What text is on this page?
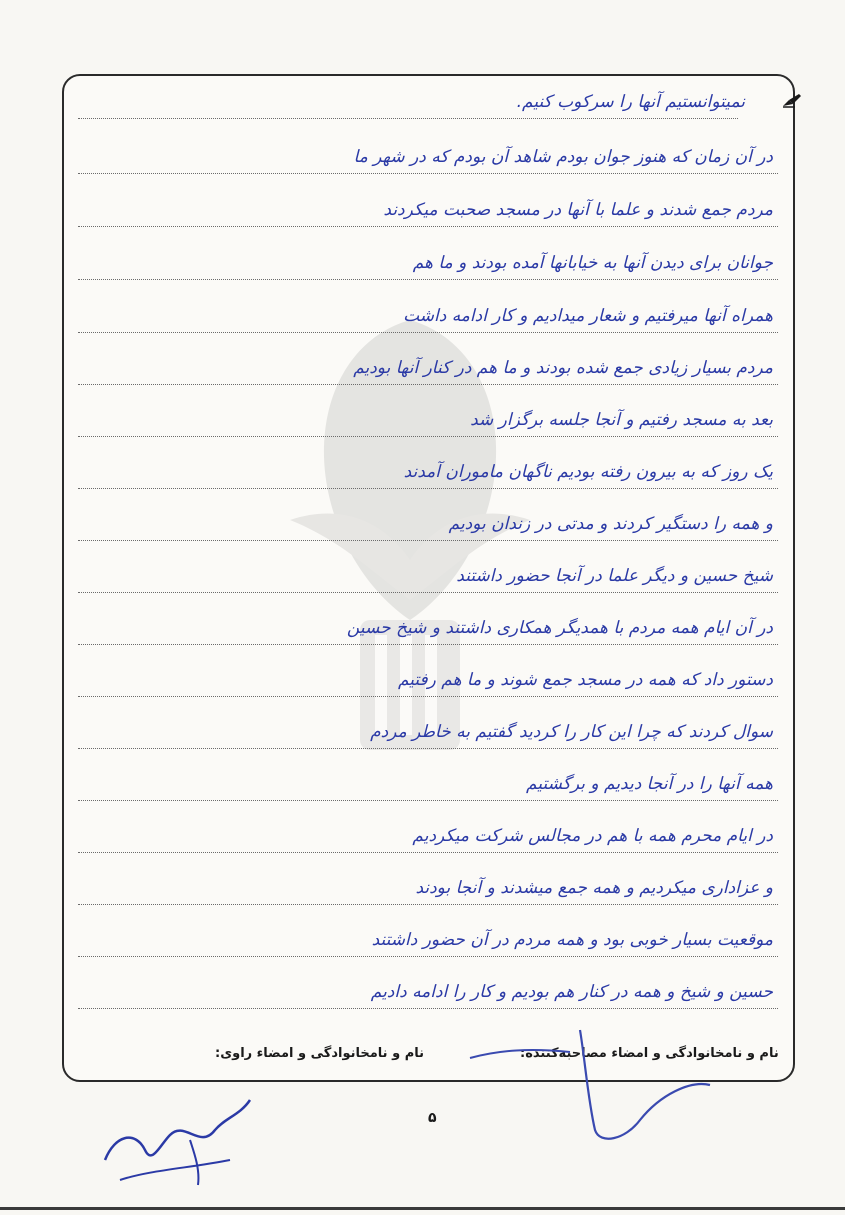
نمیتوانستیم آنها را سرکوب کنیم.
در آن زمان که هنوز جوان بودم شاهد آن بودم که در شهر ما
مردم جمع شدند و علما با آنها در مسجد صحبت میکردند
جوانان برای دیدن آنها به خیابانها آمده بودند و ما هم
همراه آنها میرفتیم و شعار میدادیم و کار ادامه داشت
مردم بسیار زیادی جمع شده بودند و ما هم در کنار آنها بودیم
بعد به مسجد رفتیم و آنجا جلسه برگزار شد
یک روز که به بیرون رفته بودیم ناگهان ماموران آمدند
و همه را دستگیر کردند و مدتی در زندان بودیم
شیخ حسین و دیگر علما در آنجا حضور داشتند
در آن ایام همه مردم با همدیگر همکاری داشتند و شیخ حسین
دستور داد که همه در مسجد جمع شوند و ما هم رفتیم
سوال کردند که چرا این کار را کردید گفتیم به خاطر مردم
همه آنها را در آنجا دیدیم و برگشتیم
در ایام محرم همه با هم در مجالس شرکت میکردیم
و عزاداری میکردیم و همه جمع میشدند و آنجا بودند
موقعیت بسیار خوبی بود و همه مردم در آن حضور داشتند
حسین و شیخ و همه در کنار هم بودیم و کار را ادامه دادیم
نام و نامخانوادگی و امضاء راوی:	نام و نامخانوادگی و امضاء مصاحبه‌کننده:
۵
